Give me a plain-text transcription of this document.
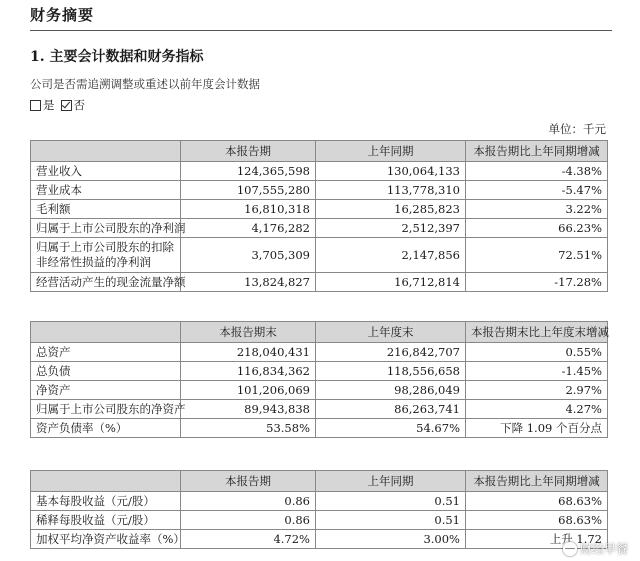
财务摘要
1. 主要会计数据和财务指标
公司是否需追溯调整或重述以前年度会计数据
是 否
单位：千元
	本报告期	上年同期	本报告期比上年同期增减
营业收入	124,365,598	130,064,133	-4.38%
营业成本	107,555,280	113,778,310	-5.47%
毛利额	16,810,318	16,285,823	3.22%
归属于上市公司股东的净利润	4,176,282	2,512,397	66.23%
归属于上市公司股东的扣除非经常性损益的净利润	3,705,309	2,147,856	72.51%
经营活动产生的现金流量净额	13,824,827	16,712,814	-17.28%
	本报告期末	上年度末	本报告期末比上年度末增减
总资产	218,040,431	216,842,707	0.55%
总负债	116,834,362	118,556,658	-1.45%
净资产	101,206,069	98,286,049	2.97%
归属于上市公司股东的净资产	89,943,838	86,263,741	4.27%
资产负债率（%）	53.58%	54.67%	下降 1.09 个百分点
	本报告期	上年同期	本报告期比上年同期增减
基本每股收益（元/股）	0.86	0.51	68.63%
稀释每股收益（元/股）	0.86	0.51	68.63%
加权平均净资产收益率（%）	4.72%	3.00%	上升 1.72
财经早餐
